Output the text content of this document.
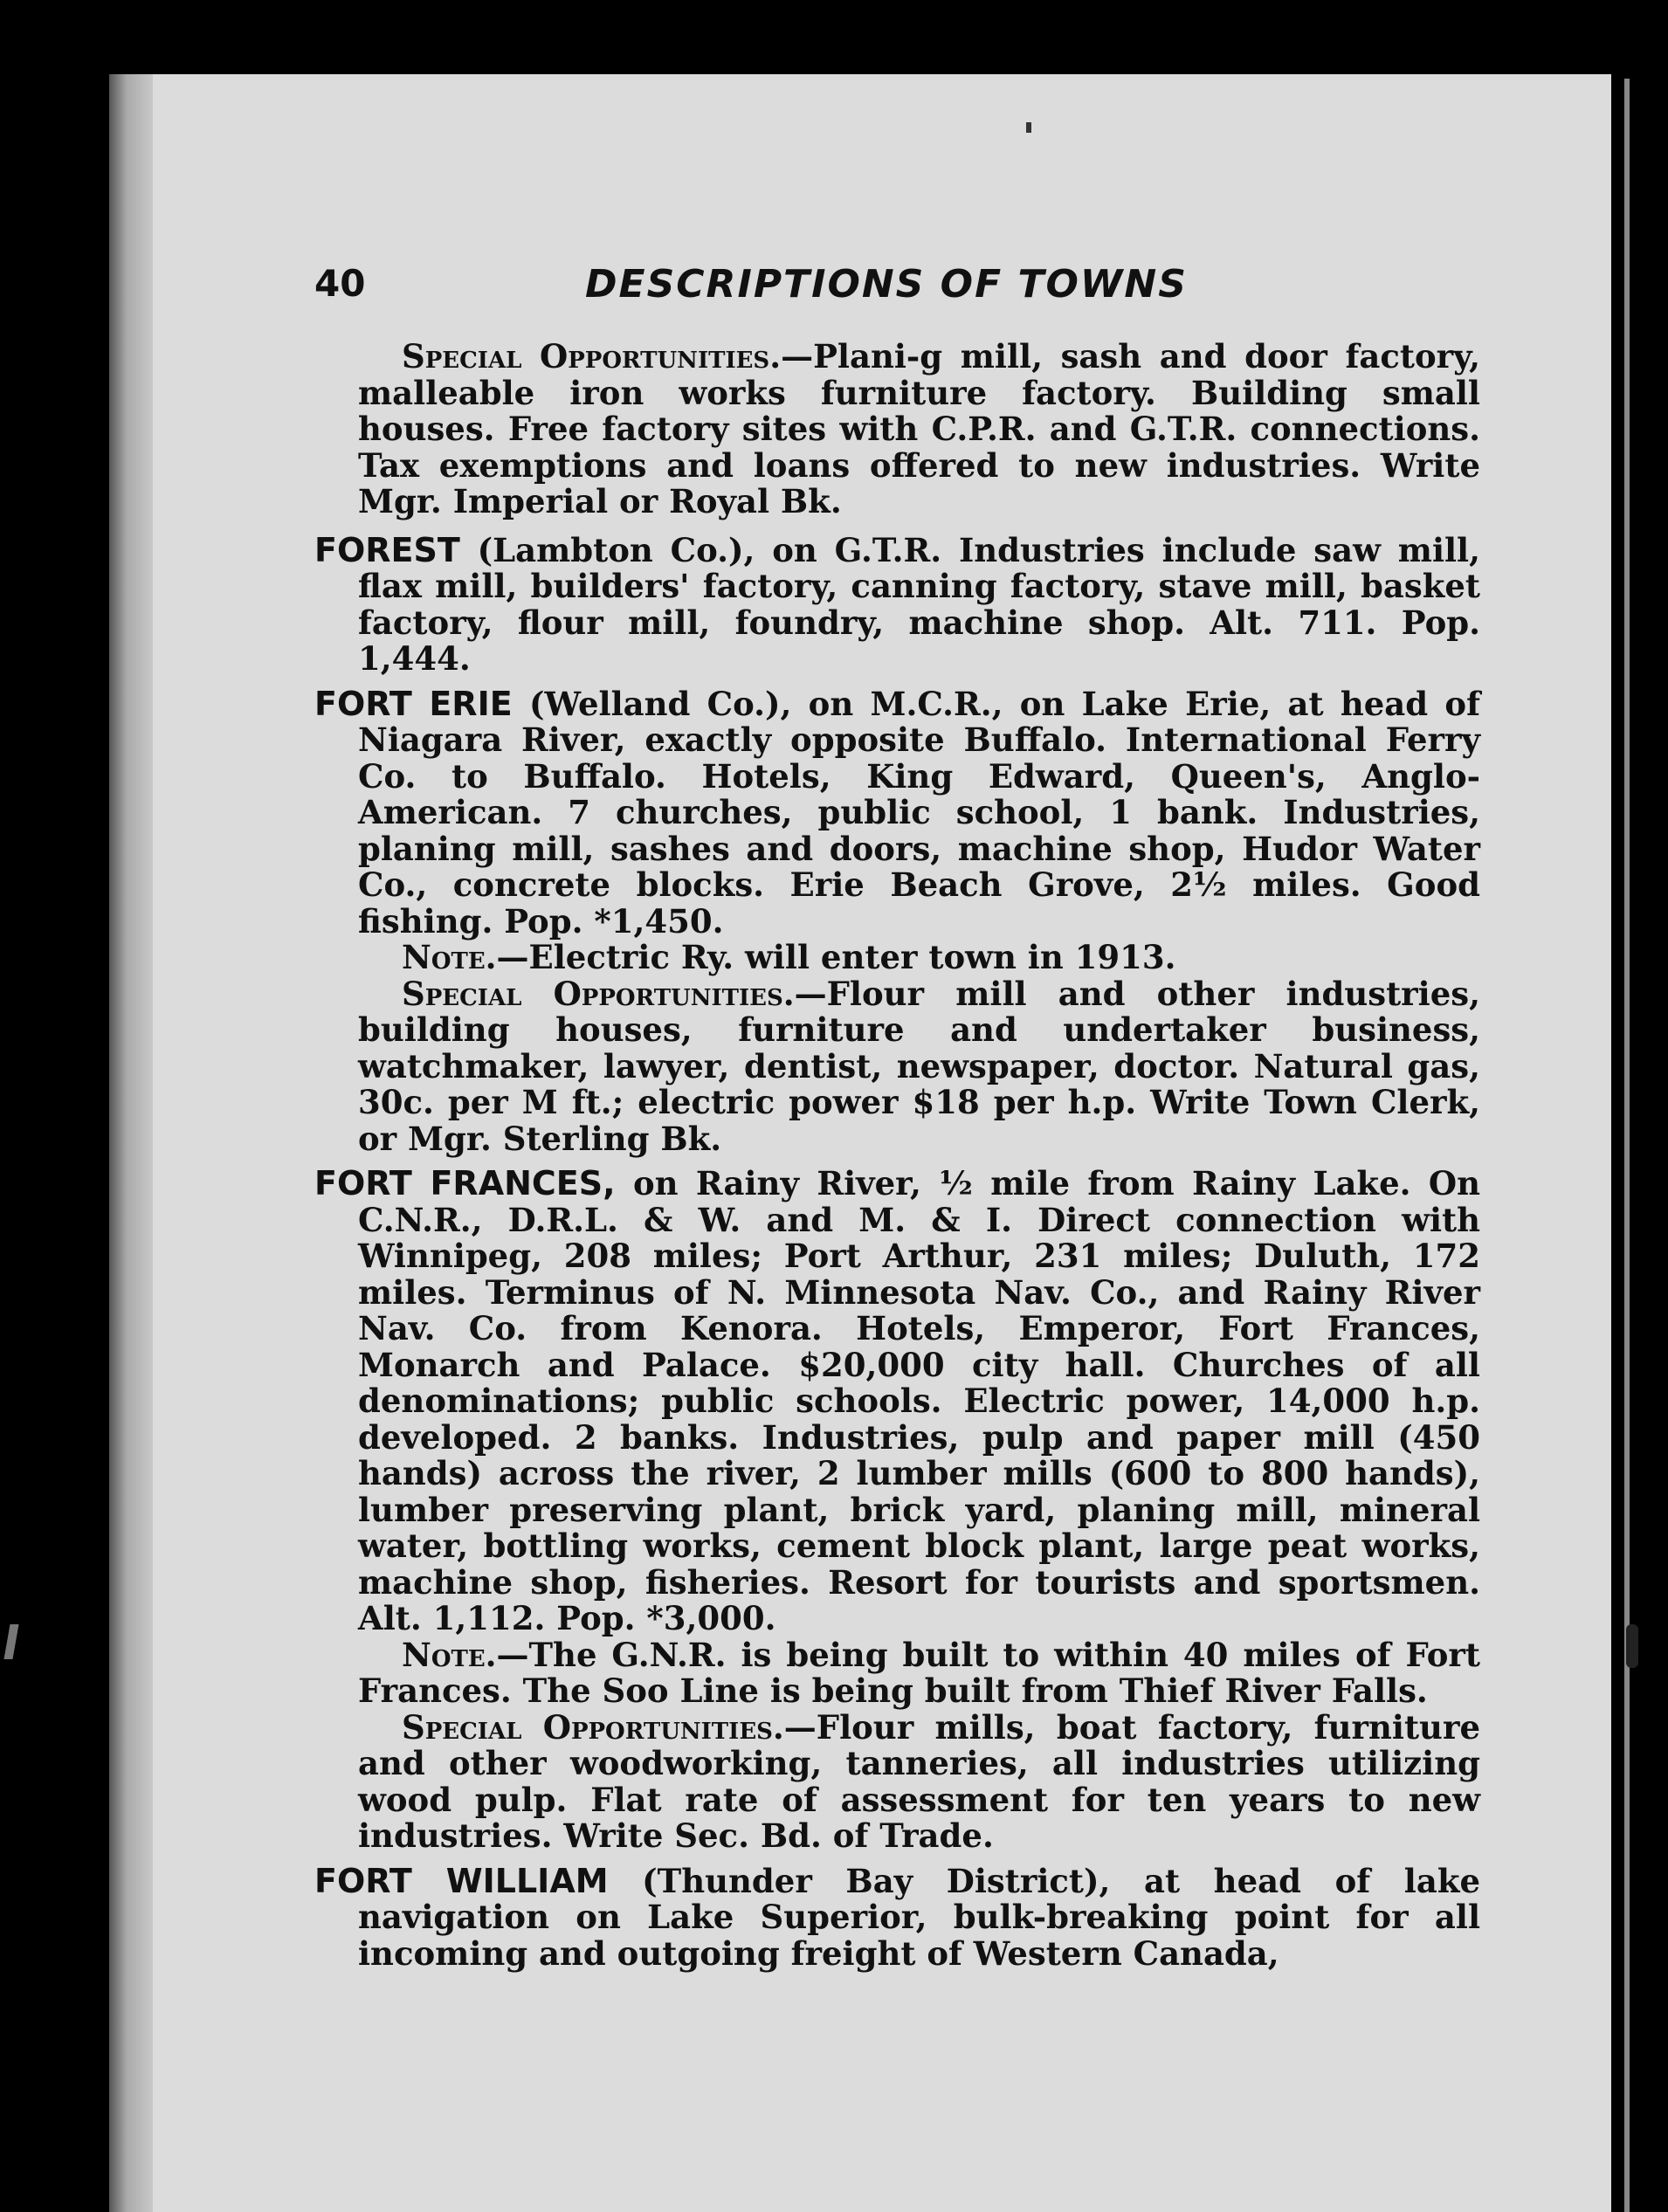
40	DESCRIPTIONS OF TOWNS

Special Opportunities.—Plani-g mill, sash and door factory, malleable iron works furniture factory. Building small houses. Free factory sites with C.P.R. and G.T.R. connections. Tax exemptions and loans offered to new industries. Write Mgr. Imperial or Royal Bk.

FOREST (Lambton Co.), on G.T.R. Industries include saw mill, flax mill, builders' factory, canning factory, stave mill, basket factory, flour mill, foundry, machine shop. Alt. 711. Pop. 1,444.

FORT ERIE (Welland Co.), on M.C.R., on Lake Erie, at head of Niagara River, exactly opposite Buffalo. International Ferry Co. to Buffalo. Hotels, King Edward, Queen's, Anglo-American. 7 churches, public school, 1 bank. Industries, planing mill, sashes and doors, machine shop, Hudor Water Co., concrete blocks. Erie Beach Grove, 2½ miles. Good fishing. Pop. *1,450.

Note.—Electric Ry. will enter town in 1913.

Special Opportunities.—Flour mill and other industries, building houses, furniture and undertaker business, watchmaker, lawyer, dentist, newspaper, doctor. Natural gas, 30c. per M ft.; electric power $18 per h.p. Write Town Clerk, or Mgr. Sterling Bk.

FORT FRANCES, on Rainy River, ½ mile from Rainy Lake. On C.N.R., D.R.L. & W. and M. & I. Direct connection with Winnipeg, 208 miles; Port Arthur, 231 miles; Duluth, 172 miles. Terminus of N. Minnesota Nav. Co., and Rainy River Nav. Co. from Kenora. Hotels, Emperor, Fort Frances, Monarch and Palace. $20,000 city hall. Churches of all denominations; public schools. Electric power, 14,000 h.p. developed. 2 banks. Industries, pulp and paper mill (450 hands) across the river, 2 lumber mills (600 to 800 hands), lumber preserving plant, brick yard, planing mill, mineral water, bottling works, cement block plant, large peat works, machine shop, fisheries. Resort for tourists and sportsmen. Alt. 1,112. Pop. *3,000.

Note.—The G.N.R. is being built to within 40 miles of Fort Frances. The Soo Line is being built from Thief River Falls.

Special Opportunities.—Flour mills, boat factory, furniture and other woodworking, tanneries, all industries utilizing wood pulp. Flat rate of assessment for ten years to new industries. Write Sec. Bd. of Trade.

FORT WILLIAM (Thunder Bay District), at head of lake navigation on Lake Superior, bulk-breaking point for all incoming and outgoing freight of Western Canada,
